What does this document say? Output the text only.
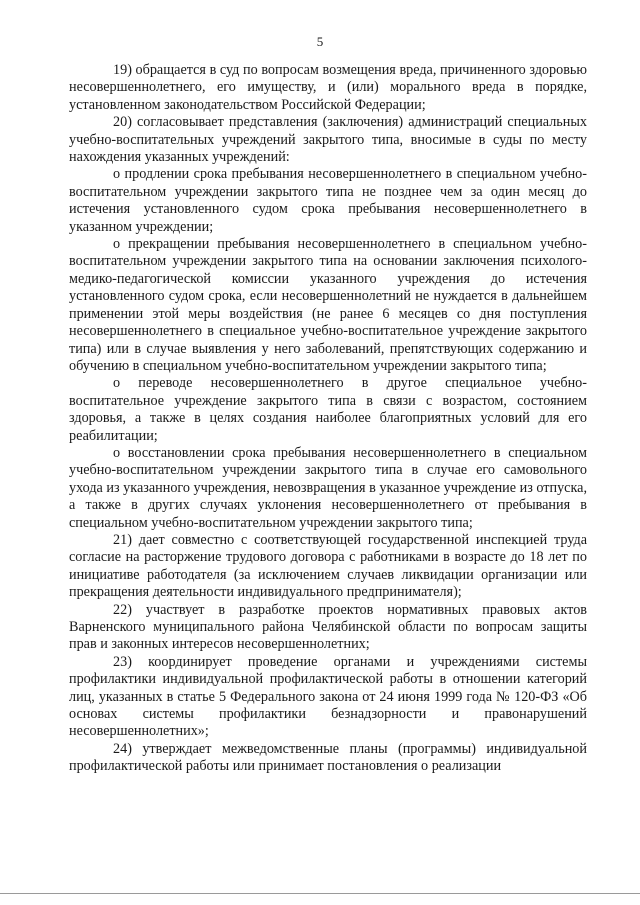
5

19) обращается в суд по вопросам возмещения вреда, причиненного здоровью несовершеннолетнего, его имуществу, и (или) морального вреда в порядке, установленном законодательством Российской Федерации;

20) согласовывает представления (заключения) администраций специальных учебно-воспитательных учреждений закрытого типа, вносимые в суды по месту нахождения указанных учреждений:

о продлении срока пребывания несовершеннолетнего в специальном учебно-воспитательном учреждении закрытого типа не позднее чем за один месяц до истечения установленного судом срока пребывания несовершеннолетнего в указанном учреждении;

о прекращении пребывания несовершеннолетнего в специальном учебно-воспитательном учреждении закрытого типа на основании заключения психолого-медико-педагогической комиссии указанного учреждения до истечения установленного судом срока, если несовершеннолетний не нуждается в дальнейшем применении этой меры воздействия (не ранее 6 месяцев со дня поступления несовершеннолетнего в специальное учебно-воспитательное учреждение закрытого типа) или в случае выявления у него заболеваний, препятствующих содержанию и обучению в специальном учебно-воспитательном учреждении закрытого типа;

о переводе несовершеннолетнего в другое специальное учебно-воспитательное учреждение закрытого типа в связи с возрастом, состоянием здоровья, а также в целях создания наиболее благоприятных условий для его реабилитации;

о восстановлении срока пребывания несовершеннолетнего в специальном учебно-воспитательном учреждении закрытого типа в случае его самовольного ухода из указанного учреждения, невозвращения в указанное учреждение из отпуска, а также в других случаях уклонения несовершеннолетнего от пребывания в специальном учебно-воспитательном учреждении закрытого типа;

21) дает совместно с соответствующей государственной инспекцией труда согласие на расторжение трудового договора с работниками в возрасте до 18 лет по инициативе работодателя (за исключением случаев ликвидации организации или прекращения деятельности индивидуального предпринимателя);

22) участвует в разработке проектов нормативных правовых актов Варненского муниципального района Челябинской области по вопросам защиты прав и законных интересов несовершеннолетних;

23) координирует проведение органами и учреждениями системы профилактики индивидуальной профилактической работы в отношении категорий лиц, указанных в статье 5 Федерального закона от 24 июня 1999 года № 120-ФЗ «Об основах системы профилактики безнадзорности и правонарушений несовершеннолетних»;

24) утверждает межведомственные планы (программы) индивидуальной профилактической работы или принимает постановления о реализации
